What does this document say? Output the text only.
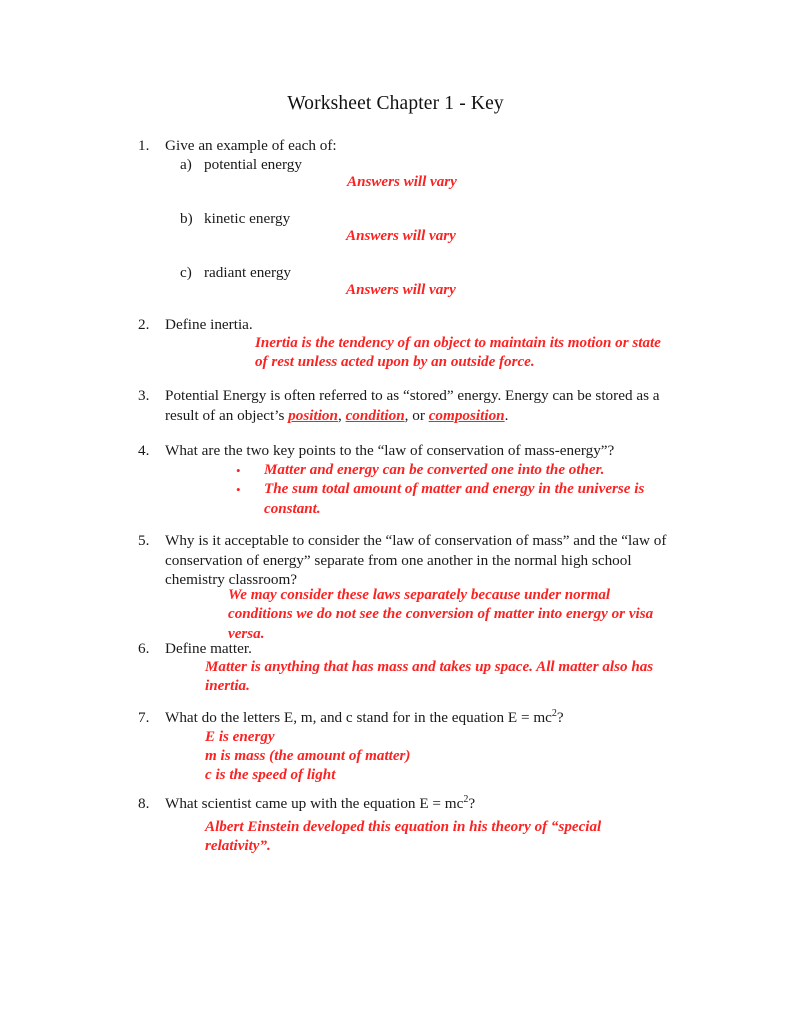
Worksheet Chapter 1 - Key
1.	Give an example of each of:
a) potential energy
Answers will vary
b) kinetic energy
Answers will vary
c) radiant energy
Answers will vary
2.	Define inertia.
Inertia is the tendency of an object to maintain its motion or state of rest unless acted upon by an outside force.
3.	Potential Energy is often referred to as “stored” energy. Energy can be stored as a result of an object’s position, condition, or composition.
4.	What are the two key points to the “law of conservation of mass-energy”?
•	Matter and energy can be converted one into the other.
•	The sum total amount of matter and energy in the universe is constant.
5.	Why is it acceptable to consider the “law of conservation of mass” and the “law of conservation of energy” separate from one another in the normal high school chemistry classroom?
We may consider these laws separately because under normal conditions we do not see the conversion of matter into energy or visa versa.
6.	Define matter.
Matter is anything that has mass and takes up space. All matter also has inertia.
7.	What do the letters E, m, and c stand for in the equation $E = mc^2$?
E is energy
m is mass (the amount of matter)
c is the speed of light
8.	What scientist came up with the equation $E = mc^2$?
Albert Einstein developed this equation in his theory of “special relativity”.
